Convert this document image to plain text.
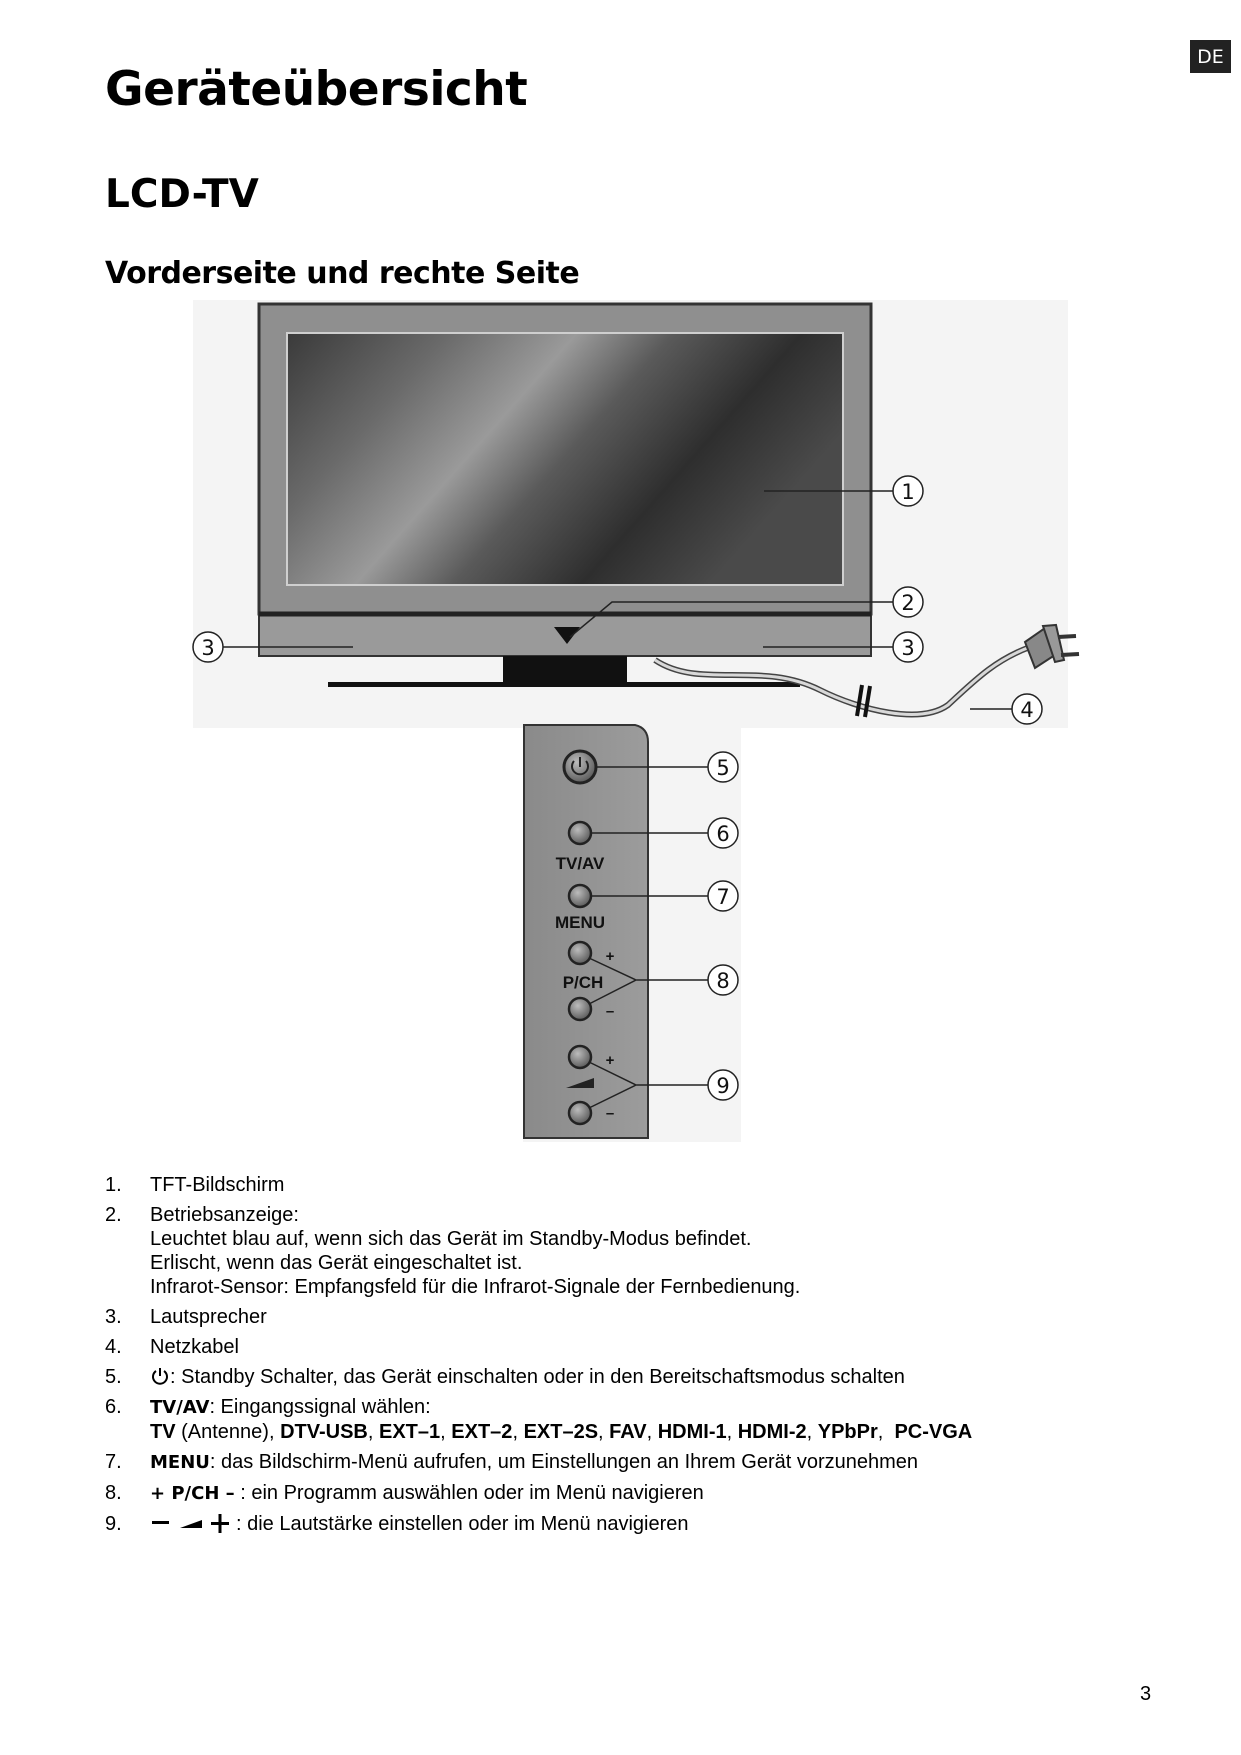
DE
Geräteübersicht
LCD-TV
Vorderseite und rechte Seite
TV/AV
MENU
P/CH
+
–
+
–
1
2
3	3
4
5
6
7
8
9
1. TFT-Bildschirm
2. Betriebsanzeige:
Leuchtet blau auf, wenn sich das Gerät im Standby-Modus befindet.
Erlischt, wenn das Gerät eingeschaltet ist.
Infrarot-Sensor: Empfangsfeld für die Infrarot-Signale der Fernbedienung.
3. Lautsprecher
4. Netzkabel
5. : Standby Schalter, das Gerät einschalten oder in den Bereitschaftsmodus schalten
6. TV/AV: Eingangssignal wählen:
TV (Antenne), DTV-USB, EXT–1, EXT–2, EXT–2S, FAV, HDMI-1, HDMI-2, YPbPr,  PC-VGA
7. MENU: das Bildschirm-Menü aufrufen, um Einstellungen an Ihrem Gerät vorzunehmen
8. + P/CH – : ein Programm auswählen oder im Menü navigieren
9.	: die Lautstärke einstellen oder im Menü navigieren
3
